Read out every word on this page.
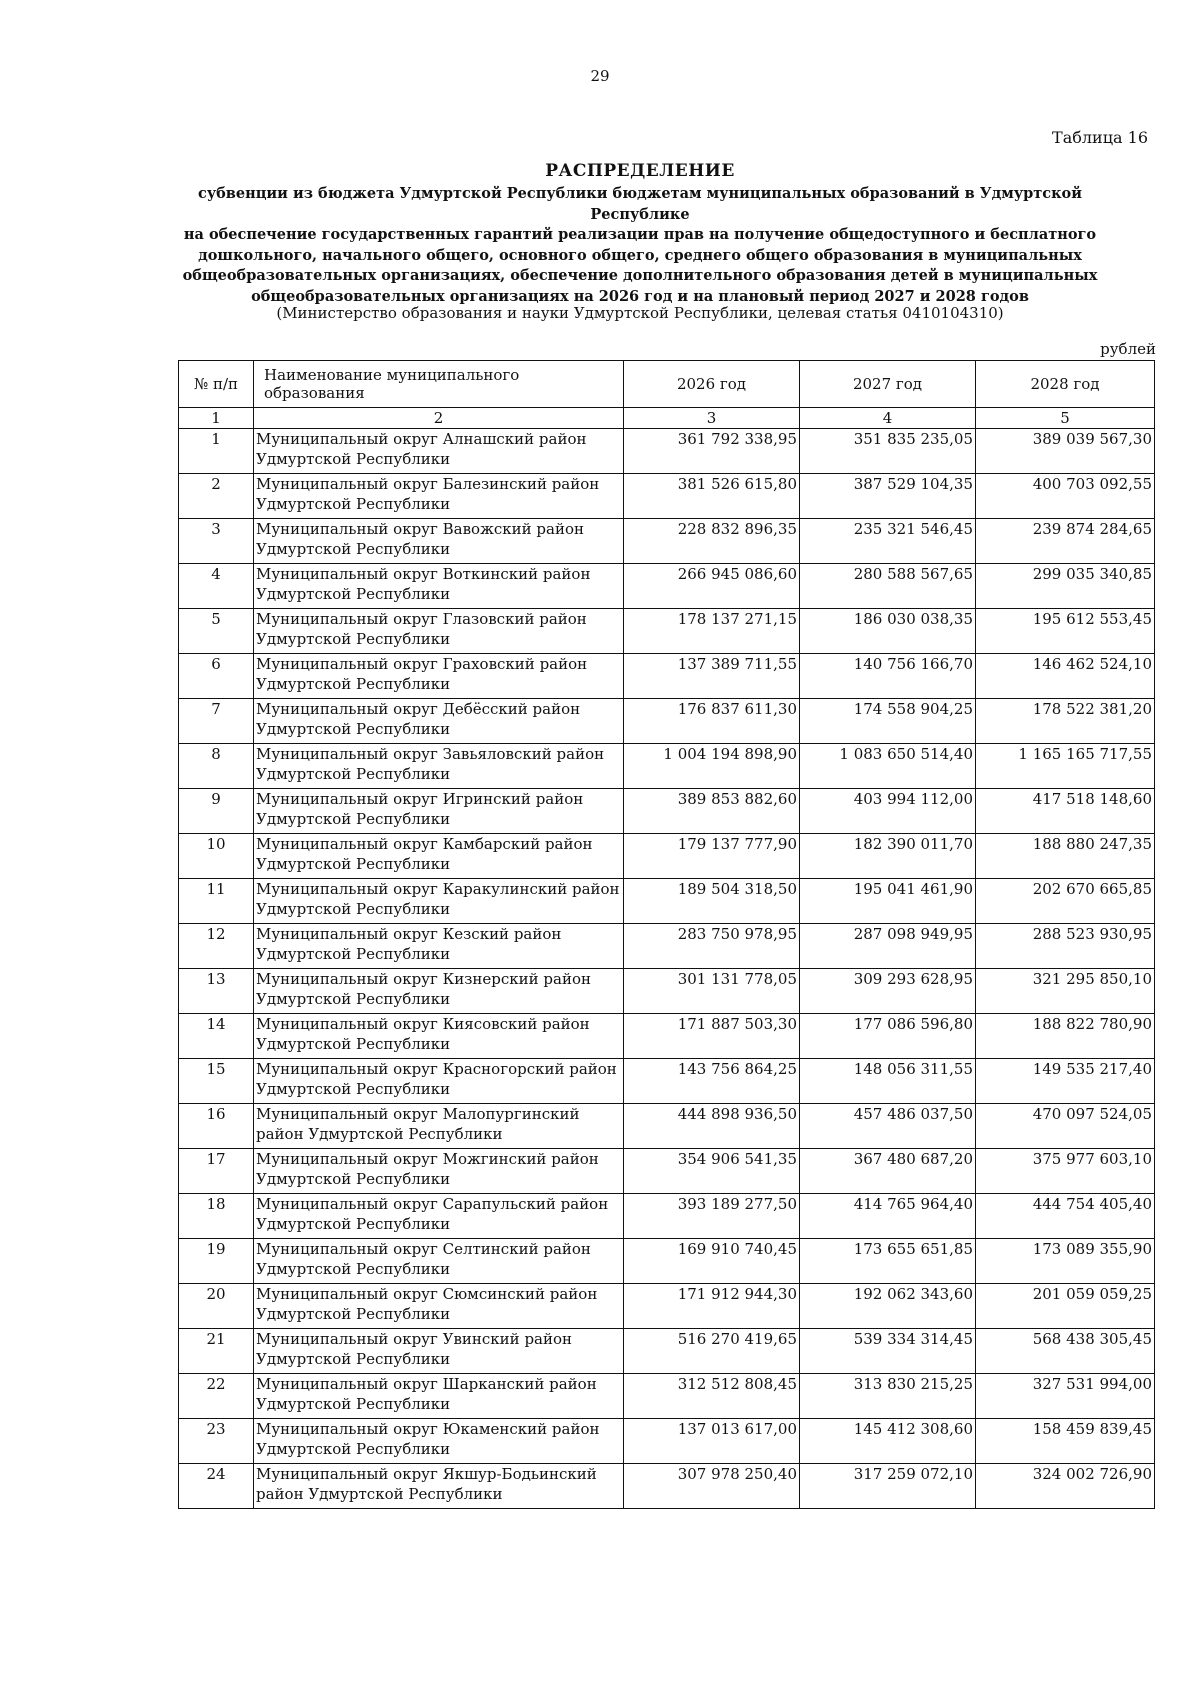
29
Таблица 16
РАСПРЕДЕЛЕНИЕ
субвенции из бюджета Удмуртской Республики бюджетам муниципальных образований в Удмуртской Республике
на обеспечение государственных гарантий реализации прав на получение общедоступного и бесплатного
дошкольного, начального общего, основного общего, среднего общего образования в муниципальных
общеобразовательных организациях, обеспечение дополнительного образования детей в муниципальных
общеобразовательных организациях на 2026 год и на плановый период 2027 и 2028 годов
(Министерство образования и науки Удмуртской Республики, целевая статья 0410104310)
рублей
№ п/п	Наименование муниципального образования	2026 год	2027 год	2028 год
1	2	3	4	5
1	Муниципальный округ Алнашский район Удмуртской Республики	361 792 338,95	351 835 235,05	389 039 567,30
2	Муниципальный округ Балезинский район Удмуртской Республики	381 526 615,80	387 529 104,35	400 703 092,55
3	Муниципальный округ Вавожский район Удмуртской Республики	228 832 896,35	235 321 546,45	239 874 284,65
4	Муниципальный округ Воткинский район Удмуртской Республики	266 945 086,60	280 588 567,65	299 035 340,85
5	Муниципальный округ Глазовский район Удмуртской Республики	178 137 271,15	186 030 038,35	195 612 553,45
6	Муниципальный округ Граховский район Удмуртской Республики	137 389 711,55	140 756 166,70	146 462 524,10
7	Муниципальный округ Дебёсский район Удмуртской Республики	176 837 611,30	174 558 904,25	178 522 381,20
8	Муниципальный округ Завьяловский район Удмуртской Республики	1 004 194 898,90	1 083 650 514,40	1 165 165 717,55
9	Муниципальный округ Игринский район Удмуртской Республики	389 853 882,60	403 994 112,00	417 518 148,60
10	Муниципальный округ Камбарский район Удмуртской Республики	179 137 777,90	182 390 011,70	188 880 247,35
11	Муниципальный округ Каракулинский район Удмуртской Республики	189 504 318,50	195 041 461,90	202 670 665,85
12	Муниципальный округ Кезский район Удмуртской Республики	283 750 978,95	287 098 949,95	288 523 930,95
13	Муниципальный округ Кизнерский район Удмуртской Республики	301 131 778,05	309 293 628,95	321 295 850,10
14	Муниципальный округ Киясовский район Удмуртской Республики	171 887 503,30	177 086 596,80	188 822 780,90
15	Муниципальный округ Красногорский район Удмуртской Республики	143 756 864,25	148 056 311,55	149 535 217,40
16	Муниципальный округ Малопургинский район Удмуртской Республики	444 898 936,50	457 486 037,50	470 097 524,05
17	Муниципальный округ Можгинский район Удмуртской Республики	354 906 541,35	367 480 687,20	375 977 603,10
18	Муниципальный округ Сарапульский район Удмуртской Республики	393 189 277,50	414 765 964,40	444 754 405,40
19	Муниципальный округ Селтинский район Удмуртской Республики	169 910 740,45	173 655 651,85	173 089 355,90
20	Муниципальный округ Сюмсинский район Удмуртской Республики	171 912 944,30	192 062 343,60	201 059 059,25
21	Муниципальный округ Увинский район Удмуртской Республики	516 270 419,65	539 334 314,45	568 438 305,45
22	Муниципальный округ Шарканский район Удмуртской Республики	312 512 808,45	313 830 215,25	327 531 994,00
23	Муниципальный округ Юкаменский район Удмуртской Республики	137 013 617,00	145 412 308,60	158 459 839,45
24	Муниципальный округ Якшур-Бодьинский район Удмуртской Республики	307 978 250,40	317 259 072,10	324 002 726,90
